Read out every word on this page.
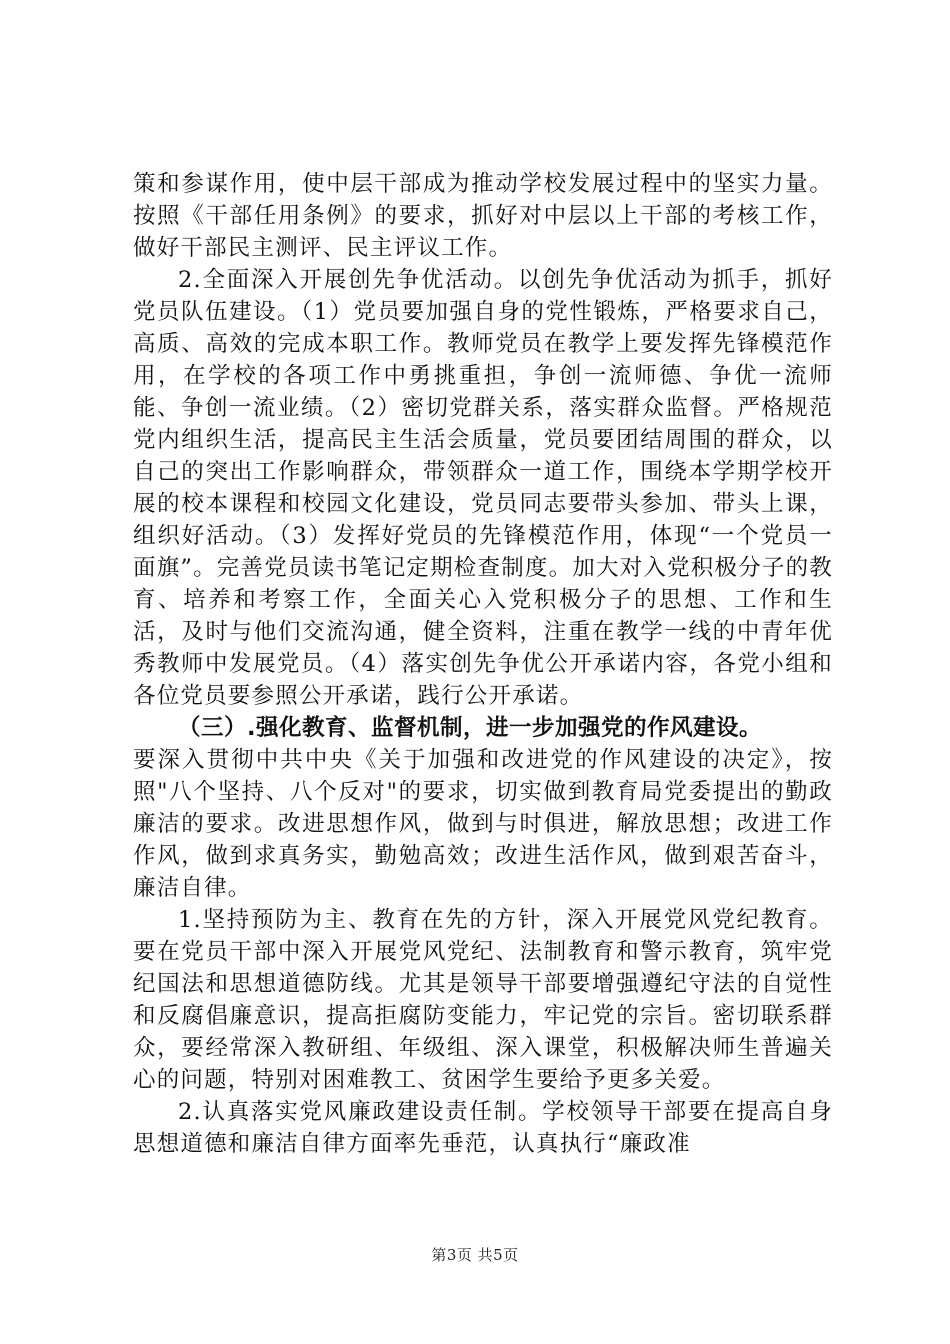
策和参谋作用，使中层干部成为推动学校发展过程中的坚实力量。按照《干部任用条例》的要求，抓好对中层以上干部的考核工作，做好干部民主测评、民主评议工作。

2.全面深入开展创先争优活动。以创先争优活动为抓手，抓好党员队伍建设。（1）党员要加强自身的党性锻炼，严格要求自己，高质、高效的完成本职工作。教师党员在教学上要发挥先锋模范作用，在学校的各项工作中勇挑重担，争创一流师德、争优一流师能、争创一流业绩。（2）密切党群关系，落实群众监督。严格规范党内组织生活，提高民主生活会质量，党员要团结周围的群众，以自己的突出工作影响群众，带领群众一道工作，围绕本学期学校开展的校本课程和校园文化建设，党员同志要带头参加、带头上课，组织好活动。（3）发挥好党员的先锋模范作用，体现“一个党员一面旗”。完善党员读书笔记定期检查制度。加大对入党积极分子的教育、培养和考察工作，全面关心入党积极分子的思想、工作和生活，及时与他们交流沟通，健全资料，注重在教学一线的中青年优秀教师中发展党员。（4）落实创先争优公开承诺内容，各党小组和各位党员要参照公开承诺，践行公开承诺。

（三）.强化教育、监督机制，进一步加强党的作风建设。

要深入贯彻中共中央《关于加强和改进党的作风建设的决定》，按照"八个坚持、八个反对"的要求，切实做到教育局党委提出的勤政廉洁的要求。改进思想作风，做到与时俱进，解放思想；改进工作作风，做到求真务实，勤勉高效；改进生活作风，做到艰苦奋斗，廉洁自律。

1.坚持预防为主、教育在先的方针，深入开展党风党纪教育。要在党员干部中深入开展党风党纪、法制教育和警示教育，筑牢党纪国法和思想道德防线。尤其是领导干部要增强遵纪守法的自觉性和反腐倡廉意识，提高拒腐防变能力，牢记党的宗旨。密切联系群众，要经常深入教研组、年级组、深入课堂，积极解决师生普遍关心的问题，特别对困难教工、贫困学生要给予更多关爱。

2.认真落实党风廉政建设责任制。学校领导干部要在提高自身思想道德和廉洁自律方面率先垂范，认真执行“廉政准

第3页 共5页
